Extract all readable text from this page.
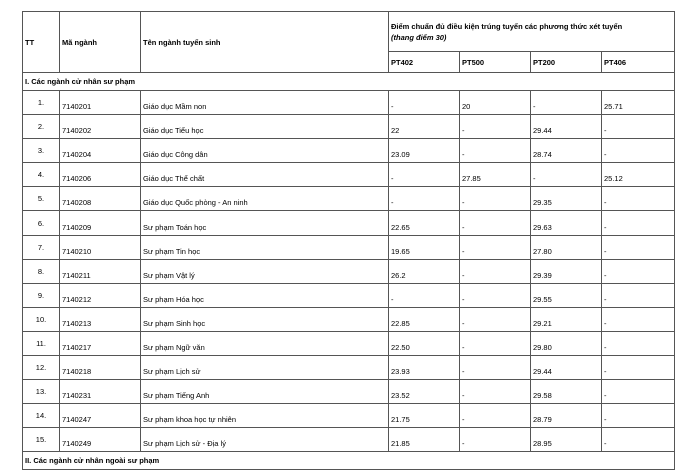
TT	Mã ngành	Tên ngành tuyển sinh	Điểm chuẩn đủ điều kiện trúng tuyển các phương thức xét tuyển
(thang điểm 30)			

			PT402	PT500	PT200	PT406
I. Các ngành cử nhân sư phạm						
1.	7140201	Giáo dục Mầm non	-	20	-	25.71
2.	7140202	Giáo dục Tiểu học	22	-	29.44	-
3.	7140204	Giáo dục Công dân	23.09	-	28.74	-
4.	7140206	Giáo dục Thể chất	-	27.85	-	25.12
5.	7140208	Giáo dục Quốc phòng - An ninh	-	-	29.35	-
6.	7140209	Sư phạm Toán học	22.65	-	29.63	-
7.	7140210	Sư phạm Tin học	19.65	-	27.80	-
8.	7140211	Sư phạm Vật lý	26.2	-	29.39	-
9.	7140212	Sư phạm Hóa học	-	-	29.55	-
10.	7140213	Sư phạm Sinh học	22.85	-	29.21	-
11.	7140217	Sư phạm Ngữ văn	22.50	-	29.80	-
12.	7140218	Sư phạm Lịch sử	23.93	-	29.44	-
13.	7140231	Sư phạm Tiếng Anh	23.52	-	29.58	-
14.	7140247	Sư phạm khoa học tự nhiên	21.75	-	28.79	-
15.	7140249	Sư phạm Lịch sử - Địa lý	21.85	-	28.95	-
II. Các ngành cử nhân ngoài sư phạm						
